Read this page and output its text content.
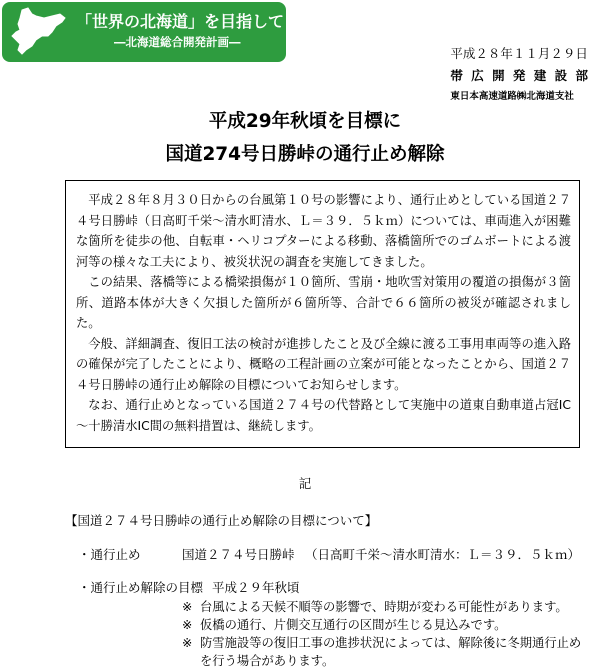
「世界の北海道」を目指して
―北海道総合開発計画―
平成２８年１１月２９日
帯 広 開 発 建 設 部
東日本高速道路㈱北海道支社
平成29年秋頃を目標に
国道274号日勝峠の通行止め解除

平成２８年８月３０日からの台風第１０号の影響により、通行止めとしている国道２７４号日勝峠（日高町千栄～清水町清水、Ｌ＝３９．５ｋｍ）については、車両進入が困難な箇所を徒歩の他、自転車・ヘリコプターによる移動、落橋箇所でのゴムボートによる渡河等の様々な工夫により、被災状況の調査を実施してきました。

この結果、落橋等による橋梁損傷が１０箇所、雪崩・地吹雪対策用の覆道の損傷が３箇所、道路本体が大きく欠損した箇所が６箇所等、合計で６６箇所の被災が確認されました。

今般、詳細調査、復旧工法の検討が進捗したこと及び全線に渡る工事用車両等の進入路の確保が完了したことにより、概略の工程計画の立案が可能となったことから、国道２７４号日勝峠の通行止め解除の目標についてお知らせします。

なお、通行止めとなっている国道２７４号の代替路として実施中の道東自動車道占冠IC～十勝清水IC間の無料措置は、継続します。

記
【国道２７４号日勝峠の通行止め解除の目標について】
・通行止め	国道２７４号日勝峠 （日高町千栄～清水町清水：Ｌ＝３９．５ｋｍ）
・通行止め解除の目標 平成２９年秋頃
※ 台風による天候不順等の影響で、時期が変わる可能性があります。
※ 仮橋の通行、片側交互通行の区間が生じる見込みです。
※ 防雪施設等の復旧工事の進捗状況によっては、解除後に冬期通行止め
を行う場合があります。
